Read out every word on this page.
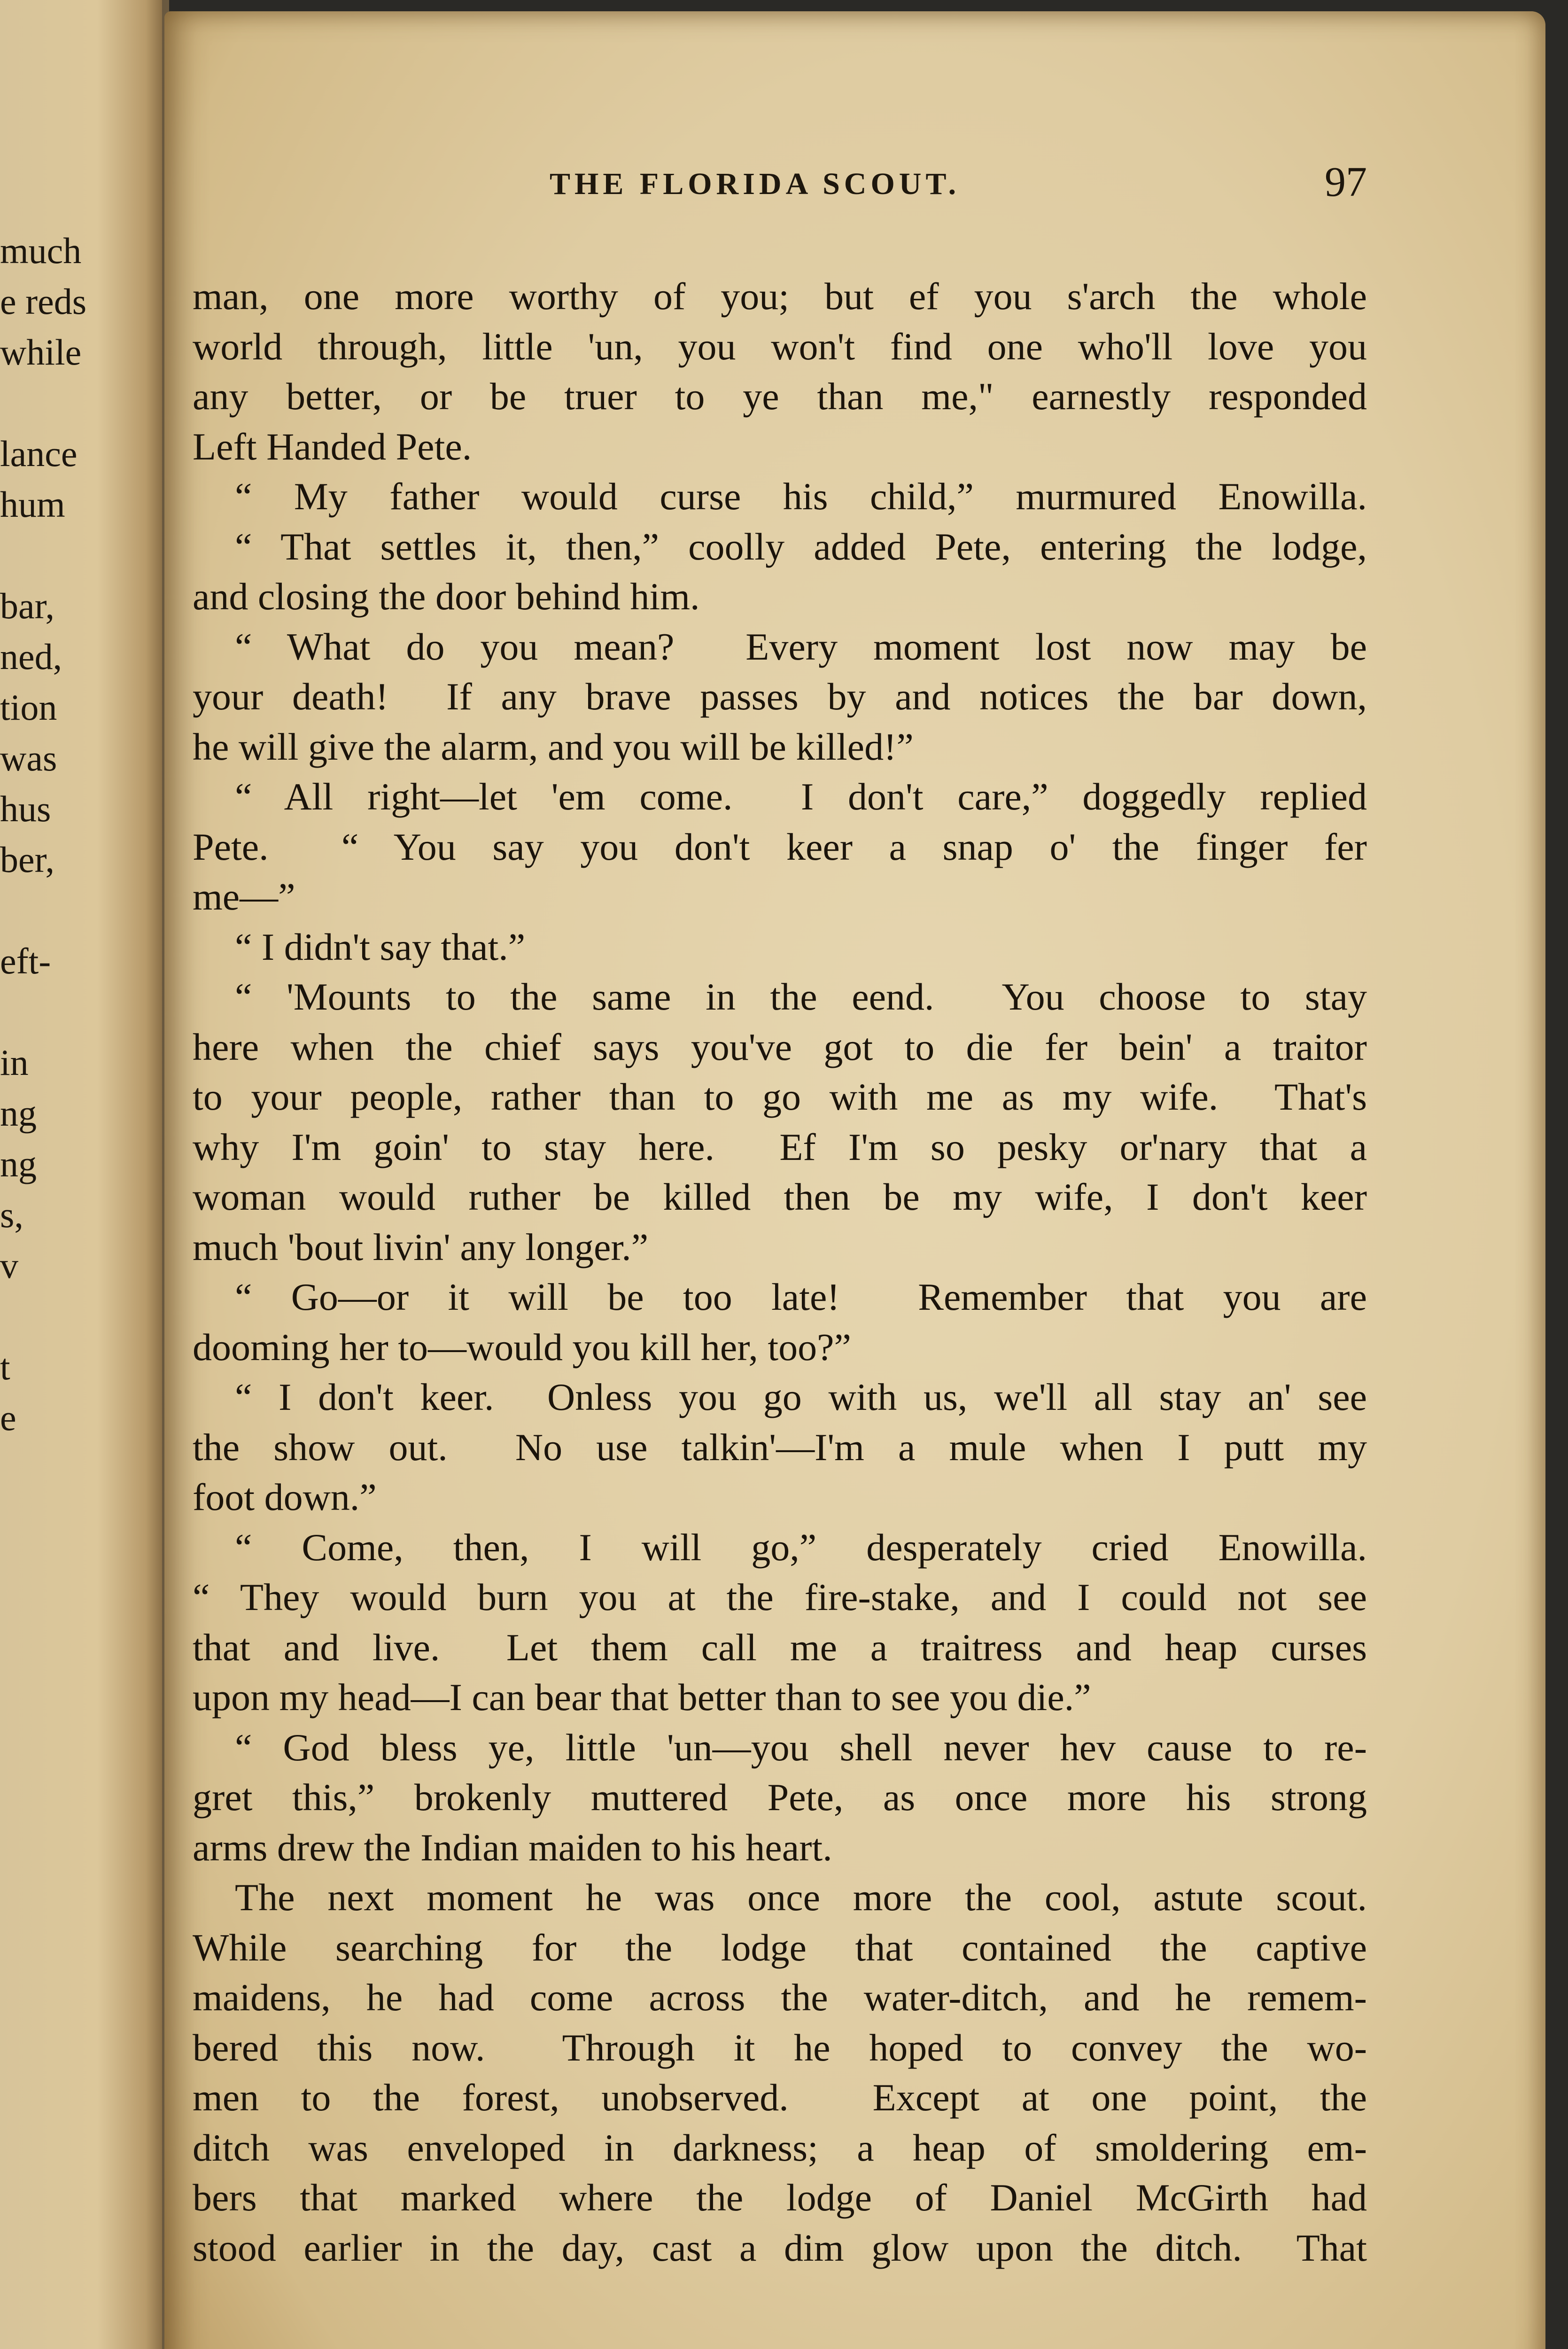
much
e reds
while
lance
hum
bar,
ned,
tion
was
hus
ber,
eft-
in
ng
ng
s,
v
t
e
THE FLORIDA SCOUT.	97
man, one more worthy of you; but ef you s'arch the whole
world through, little 'un, you won't find one who'll love you
any better, or be truer to ye than me," earnestly responded
Left Handed Pete.
“ My father would curse his child,” murmured Enowilla.
“ That settles it, then,” coolly added Pete, entering the lodge,
and closing the door behind him.
“ What do you mean?  Every moment lost now may be
your death!  If any brave passes by and notices the bar down,
he will give the alarm, and you will be killed!”
“ All right—let 'em come.  I don't care,” doggedly replied
Pete.  “ You say you don't keer a snap o' the finger fer
me—”
“ I didn't say that.”
“ 'Mounts to the same in the eend.  You choose to stay
here when the chief says you've got to die fer bein' a traitor
to your people, rather than to go with me as my wife.  That's
why I'm goin' to stay here.  Ef I'm so pesky or'nary that a
woman would ruther be killed then be my wife, I don't keer
much 'bout livin' any longer.”
“ Go—or it will be too late!  Remember that you are
dooming her to—would you kill her, too?”
“ I don't keer.  Onless you go with us, we'll all stay an' see
the show out.  No use talkin'—I'm a mule when I putt my
foot down.”
“ Come, then, I will go,” desperately cried Enowilla.
“ They would burn you at the fire-stake, and I could not see
that and live.  Let them call me a traitress and heap curses
upon my head—I can bear that better than to see you die.”
“ God bless ye, little 'un—you shell never hev cause to re-
gret this,” brokenly muttered Pete, as once more his strong
arms drew the Indian maiden to his heart.
The next moment he was once more the cool, astute scout.
While searching for the lodge that contained the captive
maidens, he had come across the water-ditch, and he remem-
bered this now.  Through it he hoped to convey the wo-
men to the forest, unobserved.  Except at one point, the
ditch was enveloped in darkness; a heap of smoldering em-
bers that marked where the lodge of Daniel McGirth had
stood earlier in the day, cast a dim glow upon the ditch.  That
